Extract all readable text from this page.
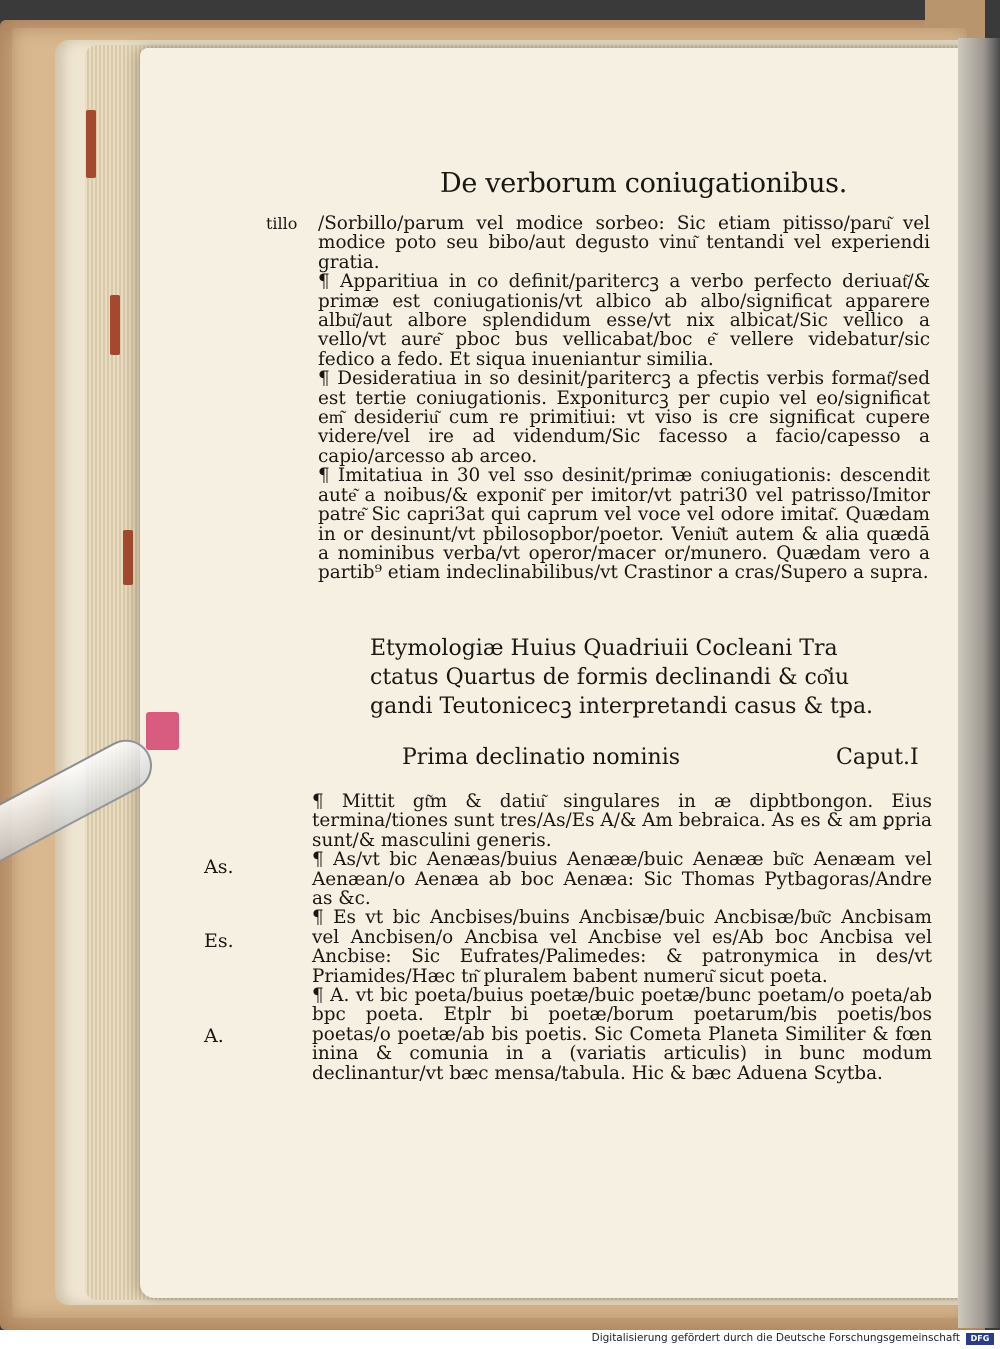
De verborum coniugationibus.
tillo /Sorbillo/parum vel modice sorbeo: Sic etiam pitisso/paru͂ vel modice poto seu bibo/aut degusto vinu͂ tentandi vel experiendi gratia.

¶ Apparitiua in co definit/paritercꝫ a verbo perfecto deriuat͂/& primæ est coniugationis/vt albico ab albo/significat apparere albu͂/aut albore splendidum esse/vt nix albicat/Sic vellico a vello/vt aure͂ pboc bus vellicabat/boc e͂ vellere videbatur/sic fedico a fedo. Et siqua inueniantur similia.

¶ Desideratiua in so desinit/paritercꝫ a pfectis verbis format͂/sed est tertie coniugationis. Exponiturcꝫ per cupio vel eo/significat em͂ desideriu͂ cum re primitiui: vt viso is cre significat cupere videre/vel ire ad videndum/Sic facesso a facio/capesso a capio/arcesso ab arceo.

¶ Imitatiua in 30 vel sso desinit/primæ coniugationis: descendit aute͂ a noibus/& exponit͂ per imitor/vt patri30 vel patrisso/Imitor patre͂ Sic capri3at qui caprum vel voce vel odore imitat͂. Quædam in or desinunt/vt pbilosopbor/poetor. Veniu͂t autem & alia quædā a nominibus verba/vt operor/macer or/munero. Quædam vero a partib⁹ etiam indeclinabilibus/vt Crastinor a cras/Supero a supra.

Etymologiæ Huius Quadriuii Cocleani Tra

ctatus Quartus de formis declinandi & co͂iu

gandi Teutonicecꝫ interpretandi casus & tpa.

Prima declinatio nominis	Caput.I
As.
Es.
A.

¶ Mittit gt͂m & datiu͂ singulares in æ dipbtbongon. Eius termina/tiones sunt tres/As/Es A/& Am bebraica. As es & am ꝑpria sunt/& masculini generis.

¶ As/vt bic Aenæas/buius Aenææ/buic Aenææ bu͂c Aenæam vel Aenæan/o Aenæa ab boc Aenæa: Sic Thomas Pytbagoras/Andre as &c.

¶ Es vt bic Ancbises/buins Ancbisæ/buic Ancbisæ/bu͂c Ancbisam vel Ancbisen/o Ancbisa vel Ancbise vel es/Ab boc Ancbisa vel Ancbise: Sic Eufrates/Palimedes: & patronymica in des/vt Priamides/Hæc tn͂ pluralem babent numeru͂ sicut poeta.

¶ A. vt bic poeta/buius poetæ/buic poetæ/bunc poetam/o poeta/ab bpc poeta. Etplr bi poetæ/borum poetarum/bis poetis/bos poetas/o poetæ/ab bis poetis. Sic Cometa Planeta Similiter & fœn inina & comunia in a (variatis articulis) in bunc modum declinantur/vt bæc mensa/tabula. Hic & bæc Aduena Scytba.

Digitalisierung gefördert durch die Deutsche Forschungsgemeinschaft	DFG
